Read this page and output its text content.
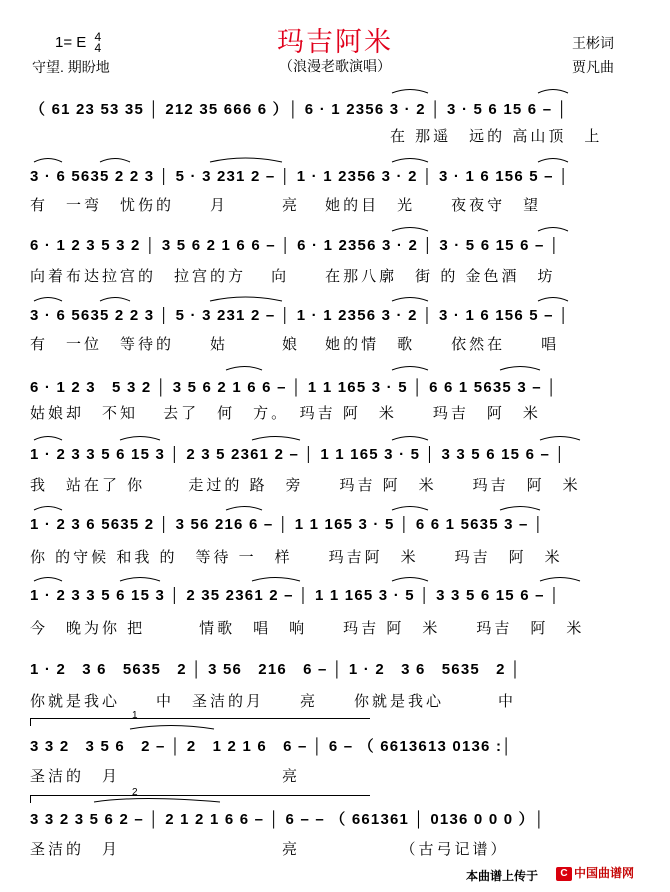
玛吉阿米
（浪漫老歌演唱）
1= E 4
4
守望. 期盼地
王彬词
贾凡曲
（ 61 23 53 35 │ 212 35 666 6 ）│ 6 · 1 2356 3 · 2 │ 3 · 5 6 15 6 – │
　　　　　　　　　　　　　　　　　　　　在 那遥　远的 高山顶　上
3 · 6 5635 2 2 3 │ 5 · 3 231 2 – │ 1 · 1 2356 3 · 2 │ 3 · 1 6 156 5 – │
有　一弯　忧伤的　　月　　　亮　 她的目　光　　夜夜守　望
6 · 1 2 3 5 3 2 │ 3 5 6 2 1 6 6 – │ 6 · 1 2356 3 · 2 │ 3 · 5 6 15 6 – │
向着布达拉宫的　拉宫的方　 向　　在那八廓　街 的 金色酒　坊
3 · 6 5635 2 2 3 │ 5 · 3 231 2 – │ 1 · 1 2356 3 · 2 │ 3 · 1 6 156 5 – │
有　一位　等待的　　姑　　　娘　 她的情　歌　　依然在　　唱
6 · 1 2 3　5 3 2 │ 3 5 6 2 1 6 6 – │ 1 1 165 3 · 5 │ 6 6 1 5635 3 – │
姑娘却　不知　 去了　何　方。　玛吉 阿　米　　玛吉　阿　米
1 · 2 3 3 5 6 15 3 │ 2 3 5 2361 2 – │ 1 1 165 3 · 5 │ 3 3 5 6 15 6 – │
我　站在了 你　　 走过的 路　旁　　玛吉 阿　米　　玛吉　阿　米
1 · 2 3 6 5635 2 │ 3 56 216 6 – │ 1 1 165 3 · 5 │ 6 6 1 5635 3 – │
你 的守候 和我 的　等待 一　样　　玛吉阿　米　　玛吉　阿　米
1 · 2 3 3 5 6 15 3 │ 2 35 2361 2 – │ 1 1 165 3 · 5 │ 3 3 5 6 15 6 – │
今　晚为你 把　　　情歌　唱　响　　玛吉 阿　米　　玛吉　阿　米
1 · 2　3 6　5635　2 │ 3 56　216　6 – │ 1 · 2　3 6　5635　2 │
你就是我心　　中　圣洁的月　　亮　　你就是我心　　　中
1
3 3 2　3 5 6　2 – │ 2　1 2 1 6　6 – │ 6 – （ 6613613 0136 :│
圣洁的　月　　　　　　　　　亮
2
3 3 2 3 5 6 2 – │ 2 1 2 1 6 6 – │ 6 – – （ 661361 │ 0136 0 0 0 ）│
圣洁的　月　　　　　　　　　亮　　　　　　（古弓记谱）
本曲谱上传于	C 中国曲谱网
